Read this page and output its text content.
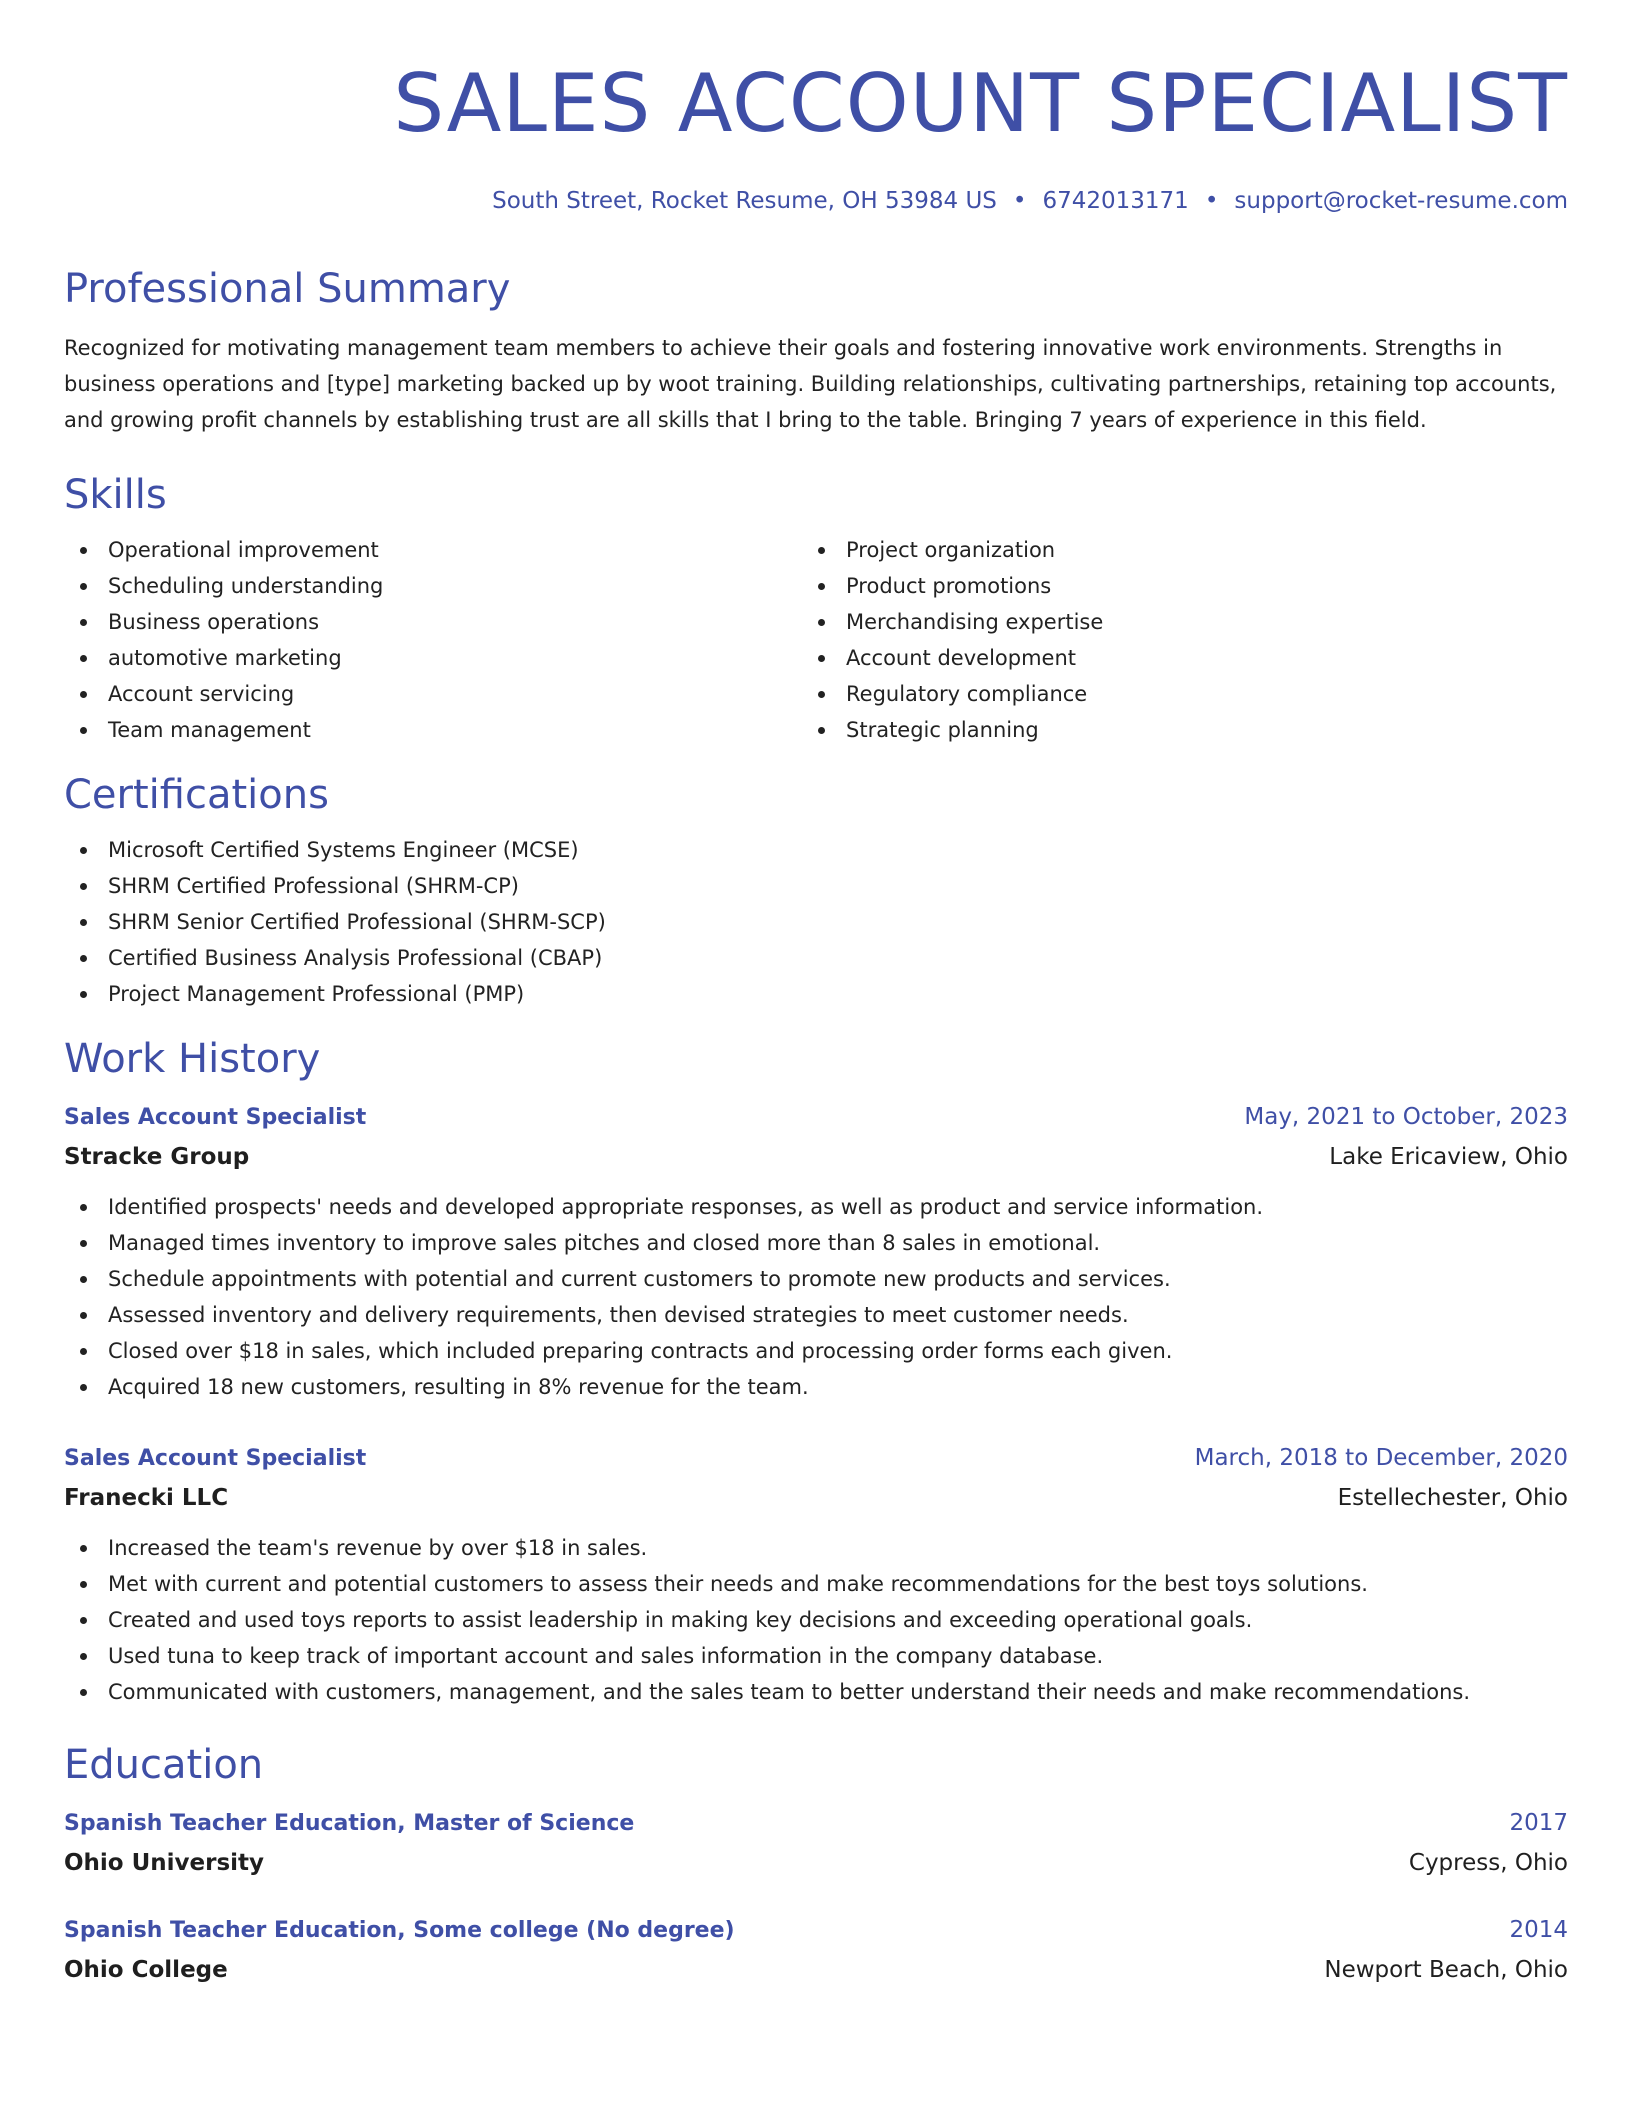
SALES ACCOUNT SPECIALIST
South Street, Rocket Resume, OH 53984 US • 6742013171 • support@rocket-resume.com
Professional Summary

Recognized for motivating management team members to achieve their goals and fostering innovative work environments. Strengths in business operations and [type] marketing backed up by woot training. Building relationships, cultivating partnerships, retaining top accounts, and growing profit channels by establishing trust are all skills that I bring to the table. Bringing 7 years of experience in this field.

Skills
Operational improvement
Scheduling understanding
Business operations
automotive marketing
Account servicing
Team management
Project organization
Product promotions
Merchandising expertise
Account development
Regulatory compliance
Strategic planning
Certifications
Microsoft Certified Systems Engineer (MCSE)
SHRM Certified Professional (SHRM-CP)
SHRM Senior Certified Professional (SHRM-SCP)
Certified Business Analysis Professional (CBAP)
Project Management Professional (PMP)
Work History
Sales Account Specialist	May, 2021 to October, 2023
Stracke Group	Lake Ericaview, Ohio
Identified prospects' needs and developed appropriate responses, as well as product and service information.
Managed times inventory to improve sales pitches and closed more than 8 sales in emotional.
Schedule appointments with potential and current customers to promote new products and services.
Assessed inventory and delivery requirements, then devised strategies to meet customer needs.
Closed over $18 in sales, which included preparing contracts and processing order forms each given.
Acquired 18 new customers, resulting in 8% revenue for the team.
Sales Account Specialist	March, 2018 to December, 2020
Franecki LLC	Estellechester, Ohio
Increased the team's revenue by over $18 in sales.
Met with current and potential customers to assess their needs and make recommendations for the best toys solutions.
Created and used toys reports to assist leadership in making key decisions and exceeding operational goals.
Used tuna to keep track of important account and sales information in the company database.
Communicated with customers, management, and the sales team to better understand their needs and make recommendations.
Education
Spanish Teacher Education, Master of Science	2017
Ohio University	Cypress, Ohio
Spanish Teacher Education, Some college (No degree)	2014
Ohio College	Newport Beach, Ohio
